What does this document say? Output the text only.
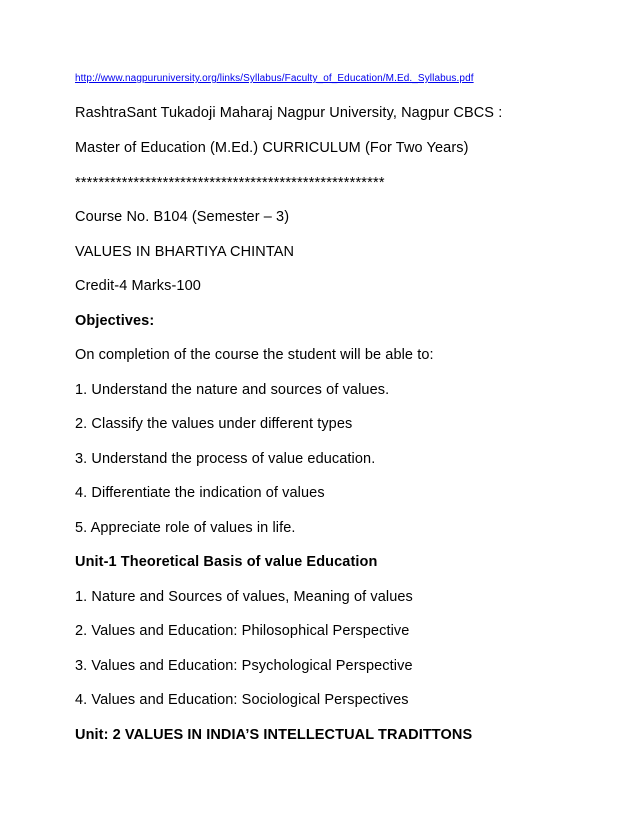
http://www.nagpuruniversity.org/links/Syllabus/Faculty_of_Education/M.Ed._Syllabus.pdf
RashtraSant Tukadoji Maharaj Nagpur University, Nagpur CBCS :
Master of Education (M.Ed.) CURRICULUM (For Two Years)
*****************************************************
Course No. B104 (Semester – 3)
VALUES IN BHARTIYA CHINTAN
Credit-4 Marks-100
Objectives:
On completion of the course the student will be able to:
1. Understand the nature and sources of values.
2. Classify the values under different types
3. Understand the process of value education.
4. Differentiate the indication of values
5. Appreciate role of values in life.
Unit-1 Theoretical Basis of value Education
1. Nature and Sources of values, Meaning of values
2. Values and Education: Philosophical Perspective
3. Values and Education: Psychological Perspective
4. Values and Education: Sociological Perspectives
Unit: 2 VALUES IN INDIA’S INTELLECTUAL TRADITTONS
